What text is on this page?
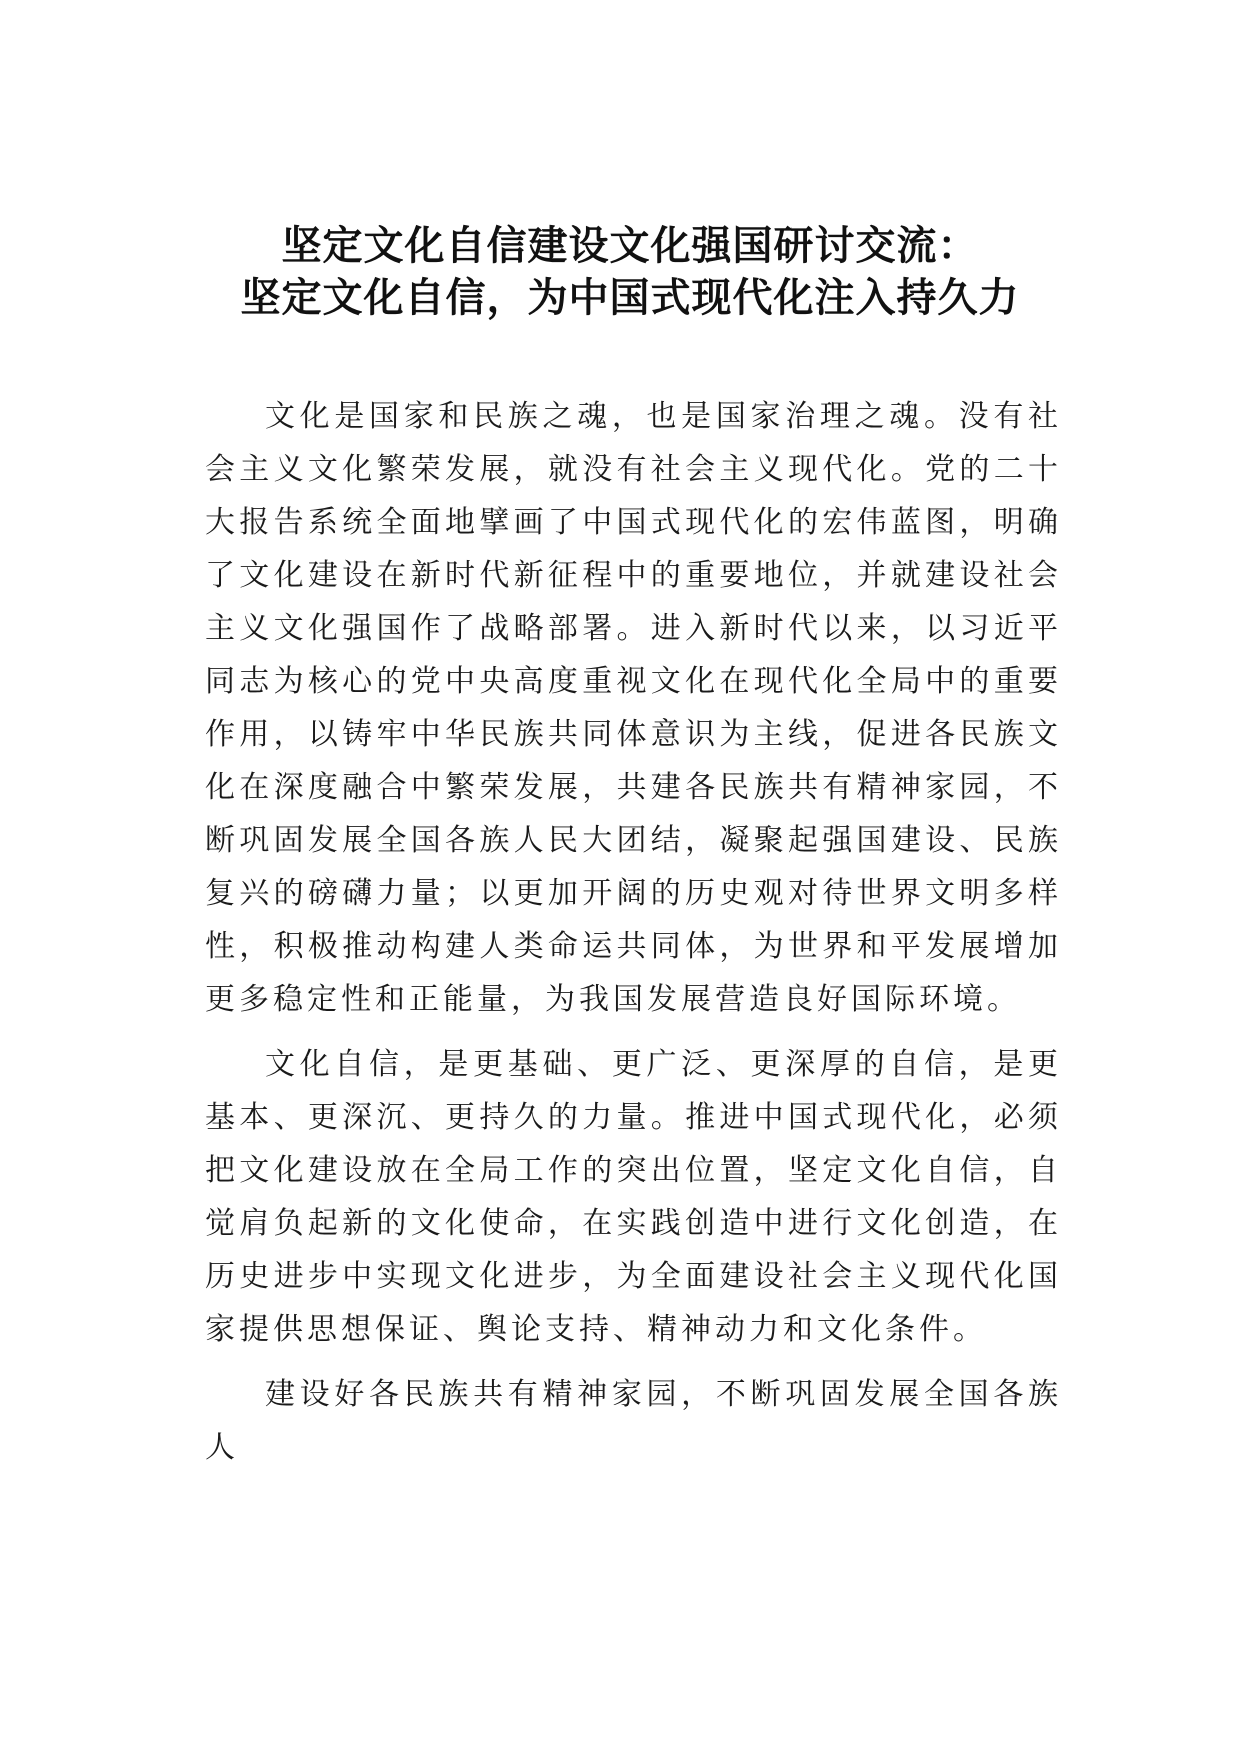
坚定文化自信建设文化强国研讨交流：
坚定文化自信，为中国式现代化注入持久力

文化是国家和民族之魂，也是国家治理之魂。没有社会主义文化繁荣发展，就没有社会主义现代化。党的二十大报告系统全面地擘画了中国式现代化的宏伟蓝图，明确了文化建设在新时代新征程中的重要地位，并就建设社会主义文化强国作了战略部署。进入新时代以来，以习近平同志为核心的党中央高度重视文化在现代化全局中的重要作用，以铸牢中华民族共同体意识为主线，促进各民族文化在深度融合中繁荣发展，共建各民族共有精神家园，不断巩固发展全国各族人民大团结，凝聚起强国建设、民族复兴的磅礴力量；以更加开阔的历史观对待世界文明多样性，积极推动构建人类命运共同体，为世界和平发展增加更多稳定性和正能量，为我国发展营造良好国际环境。

文化自信，是更基础、更广泛、更深厚的自信，是更基本、更深沉、更持久的力量。推进中国式现代化，必须把文化建设放在全局工作的突出位置，坚定文化自信，自觉肩负起新的文化使命，在实践创造中进行文化创造，在历史进步中实现文化进步，为全面建设社会主义现代化国家提供思想保证、舆论支持、精神动力和文化条件。

建设好各民族共有精神家园，不断巩固发展全国各族人
